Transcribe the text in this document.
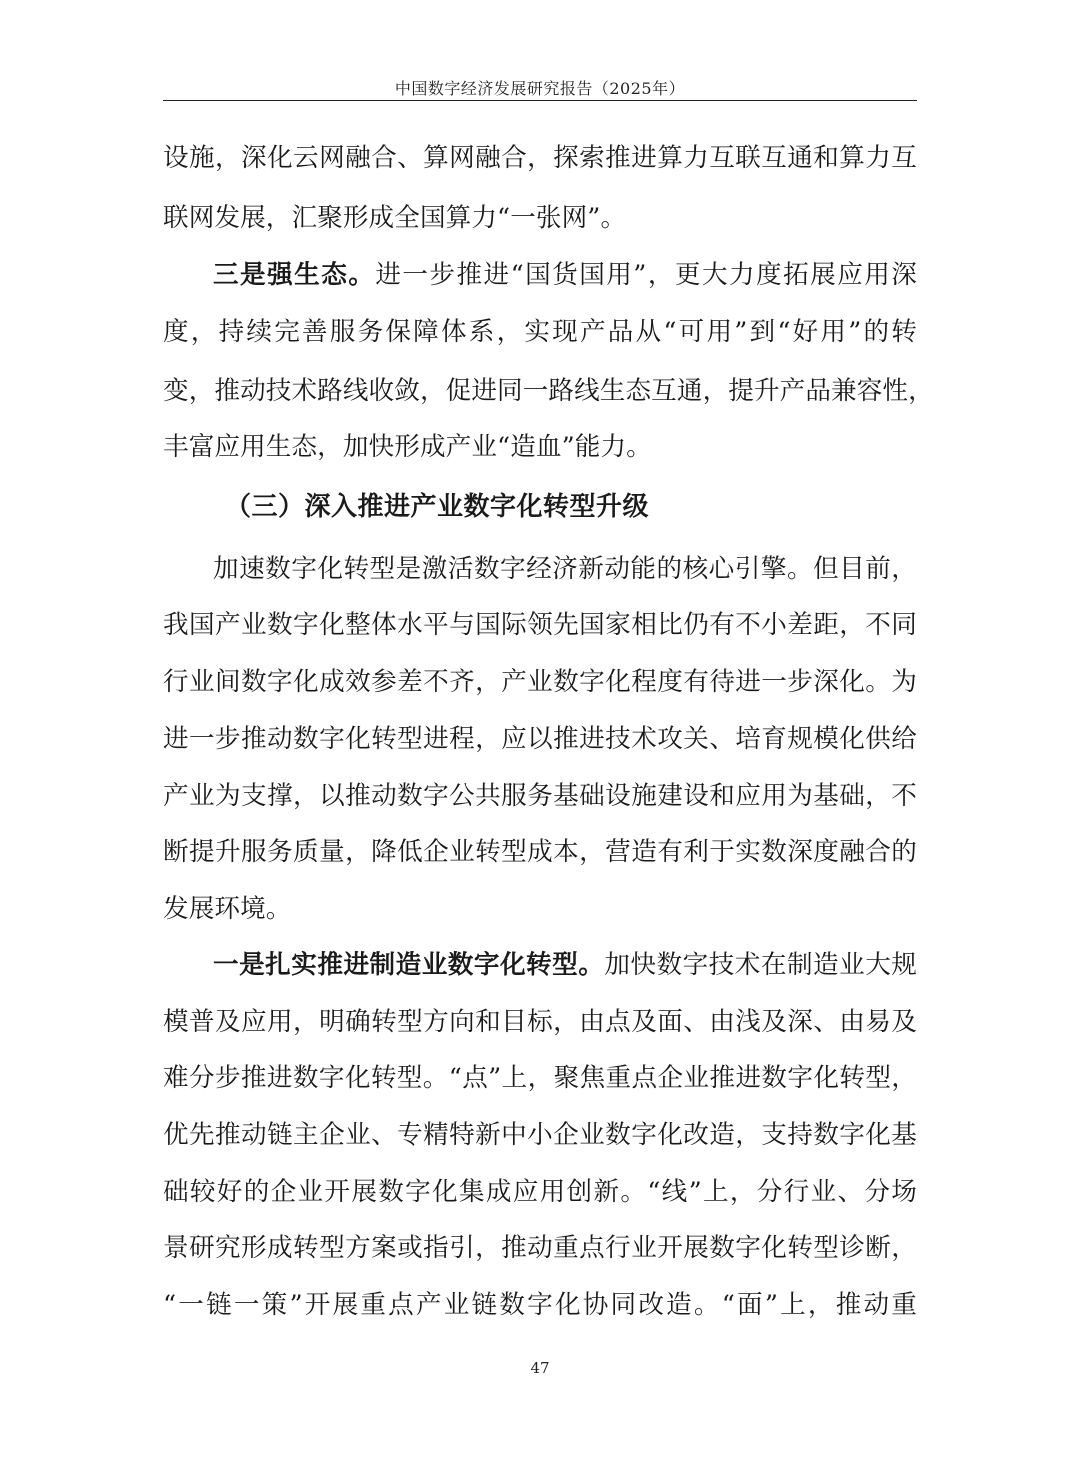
中国数字经济发展研究报告（2025年）
设施，深化云网融合、算网融合，探索推进算力互联互通和算力互
联网发展，汇聚形成全国算力“一张网”。
三是强生态。进一步推进“国货国用”，更大力度拓展应用深
度，持续完善服务保障体系，实现产品从“可用”到“好用”的转
变，推动技术路线收敛，促进同一路线生态互通，提升产品兼容性，
丰富应用生态，加快形成产业“造血”能力。
加速数字化转型是激活数字经济新动能的核心引擎。但目前，
我国产业数字化整体水平与国际领先国家相比仍有不小差距，不同
行业间数字化成效参差不齐，产业数字化程度有待进一步深化。为
进一步推动数字化转型进程，应以推进技术攻关、培育规模化供给
产业为支撑，以推动数字公共服务基础设施建设和应用为基础，不
断提升服务质量，降低企业转型成本，营造有利于实数深度融合的
发展环境。
一是扎实推进制造业数字化转型。加快数字技术在制造业大规
模普及应用，明确转型方向和目标，由点及面、由浅及深、由易及
难分步推进数字化转型。“点”上，聚焦重点企业推进数字化转型，
优先推动链主企业、专精特新中小企业数字化改造，支持数字化基
础较好的企业开展数字化集成应用创新。“线”上，分行业、分场
景研究形成转型方案或指引，推动重点行业开展数字化转型诊断，
“一链一策”开展重点产业链数字化协同改造。“面”上，推动重
（三）深入推进产业数字化转型升级
47
